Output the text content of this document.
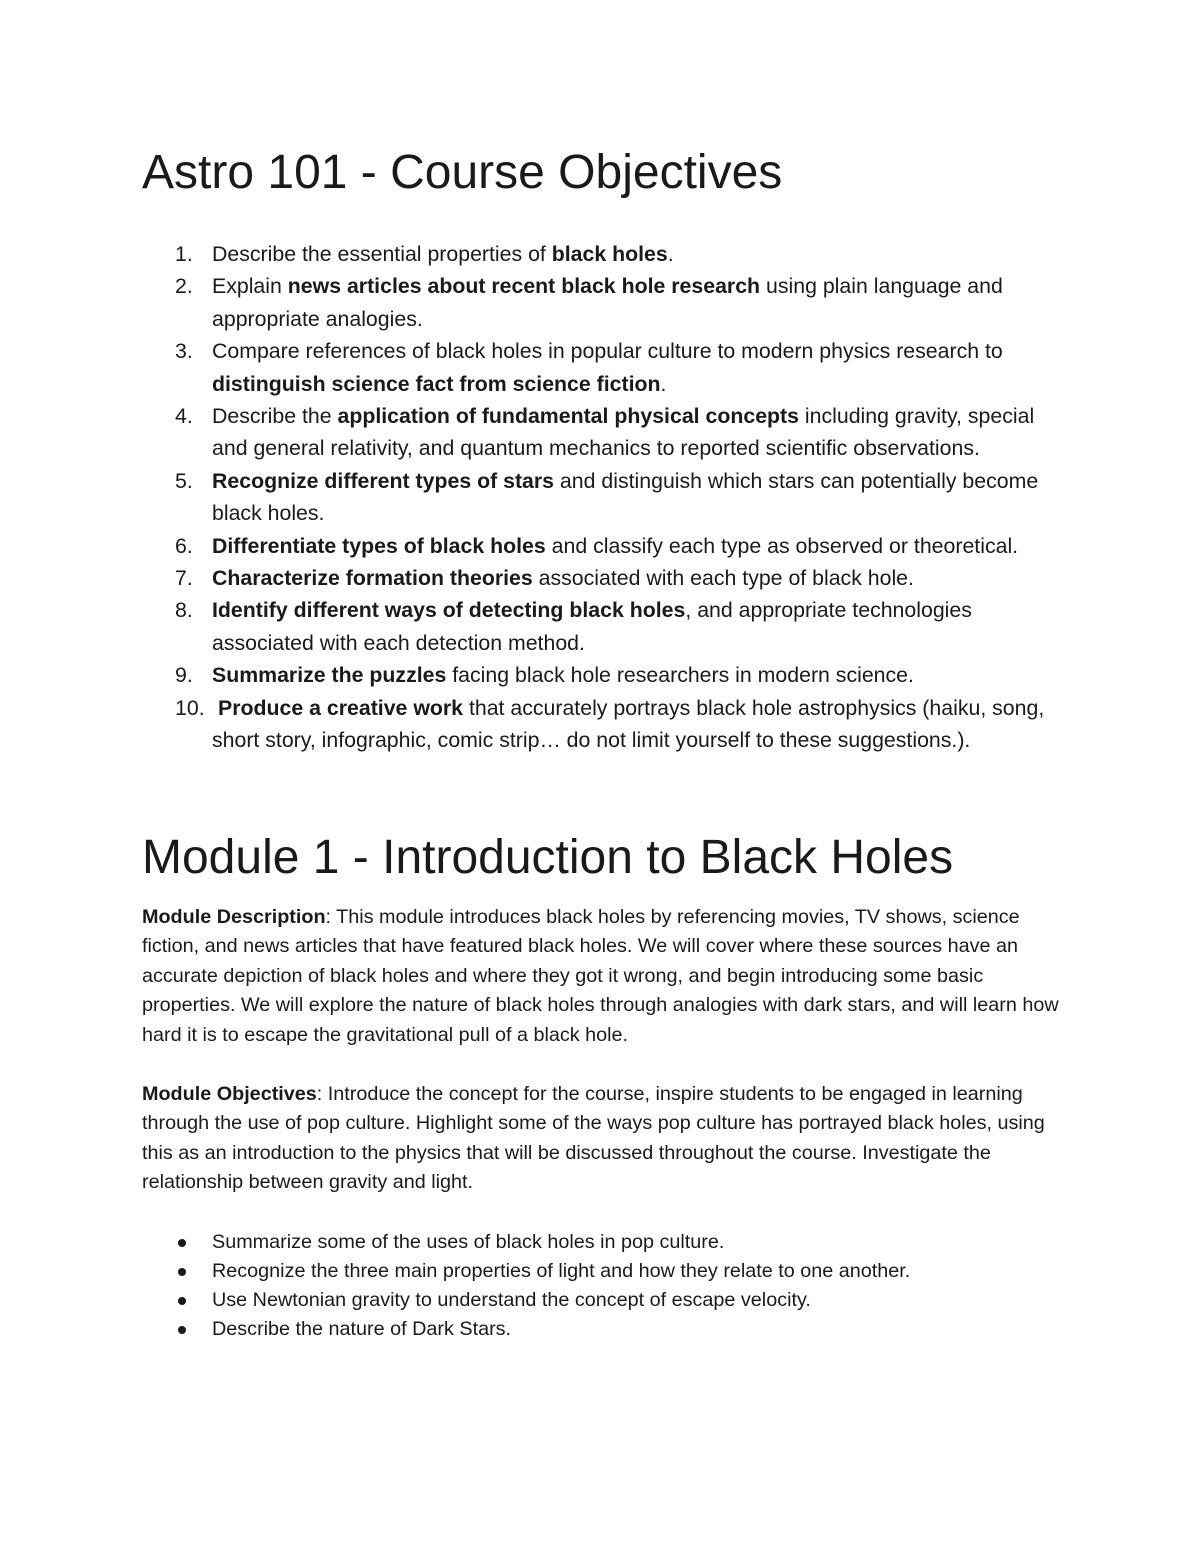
Astro 101 - Course Objectives
1. Describe the essential properties of black holes.
2. Explain news articles about recent black hole research using plain language and appropriate analogies.
3. Compare references of black holes in popular culture to modern physics research to distinguish science fact from science fiction.
4. Describe the application of fundamental physical concepts including gravity, special and general relativity, and quantum mechanics to reported scientific observations.
5. Recognize different types of stars and distinguish which stars can potentially become black holes.
6. Differentiate types of black holes and classify each type as observed or theoretical.
7. Characterize formation theories associated with each type of black hole.
8. Identify different ways of detecting black holes, and appropriate technologies associated with each detection method.
9. Summarize the puzzles facing black hole researchers in modern science.
10. Produce a creative work that accurately portrays black hole astrophysics (haiku, song, short story, infographic, comic strip… do not limit yourself to these suggestions.).
Module 1 - Introduction to Black Holes

Module Description: This module introduces black holes by referencing movies, TV shows, science fiction, and news articles that have featured black holes. We will cover where these sources have an accurate depiction of black holes and where they got it wrong, and begin introducing some basic properties. We will explore the nature of black holes through analogies with dark stars, and will learn how hard it is to escape the gravitational pull of a black hole.

Module Objectives: Introduce the concept for the course, inspire students to be engaged in learning through the use of pop culture. Highlight some of the ways pop culture has portrayed black holes, using this as an introduction to the physics that will be discussed throughout the course. Investigate the relationship between gravity and light.

Summarize some of the uses of black holes in pop culture.
Recognize the three main properties of light and how they relate to one another.
Use Newtonian gravity to understand the concept of escape velocity.
Describe the nature of Dark Stars.
